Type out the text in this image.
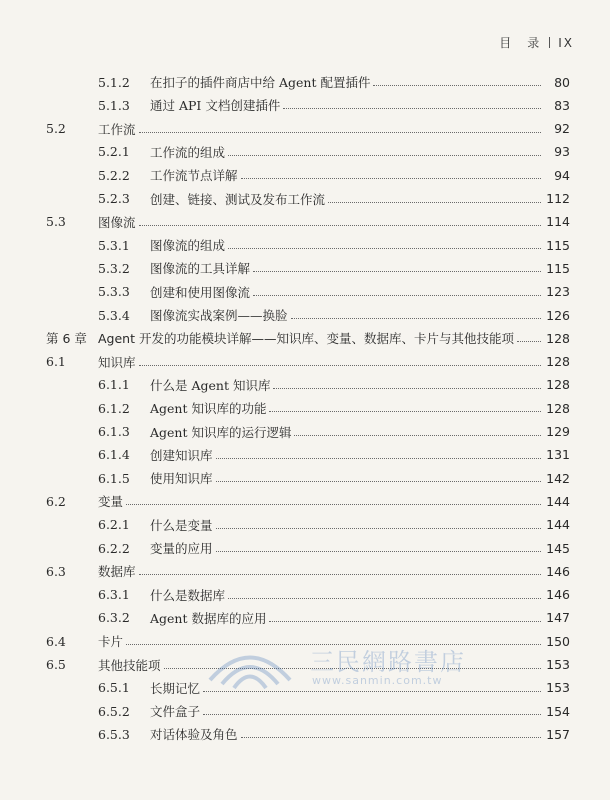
目　录 IX
5.1.2 在扣子的插件商店中给 Agent 配置插件	80
5.1.3 通过 API 文档创建插件	83
5.2	工作流	92
5.2.1 工作流的组成	93
5.2.2 工作流节点详解	94
5.2.3 创建、链接、测试及发布工作流	112
5.3	图像流	114
5.3.1 图像流的组成	115
5.3.2 图像流的工具详解	115
5.3.3 创建和使用图像流	123
5.3.4 图像流实战案例——换脸	126
第 6 章 Agent 开发的功能模块详解——知识库、变量、数据库、卡片与其他技能项	128
6.1	知识库	128
6.1.1 什么是 Agent 知识库	128
6.1.2 Agent 知识库的功能	128
6.1.3 Agent 知识库的运行逻辑	129
6.1.4 创建知识库	131
6.1.5 使用知识库	142
6.2	变量	144
6.2.1 什么是变量	144
6.2.2 变量的应用	145
6.3	数据库	146
6.3.1 什么是数据库	146
6.3.2 Agent 数据库的应用	147
6.4	卡片	150
6.5	其他技能项	153
6.5.1 长期记忆	153
6.5.2 文件盒子	154
6.5.3 对话体验及角色	157
三民網路書店
www.sanmin.com.tw
